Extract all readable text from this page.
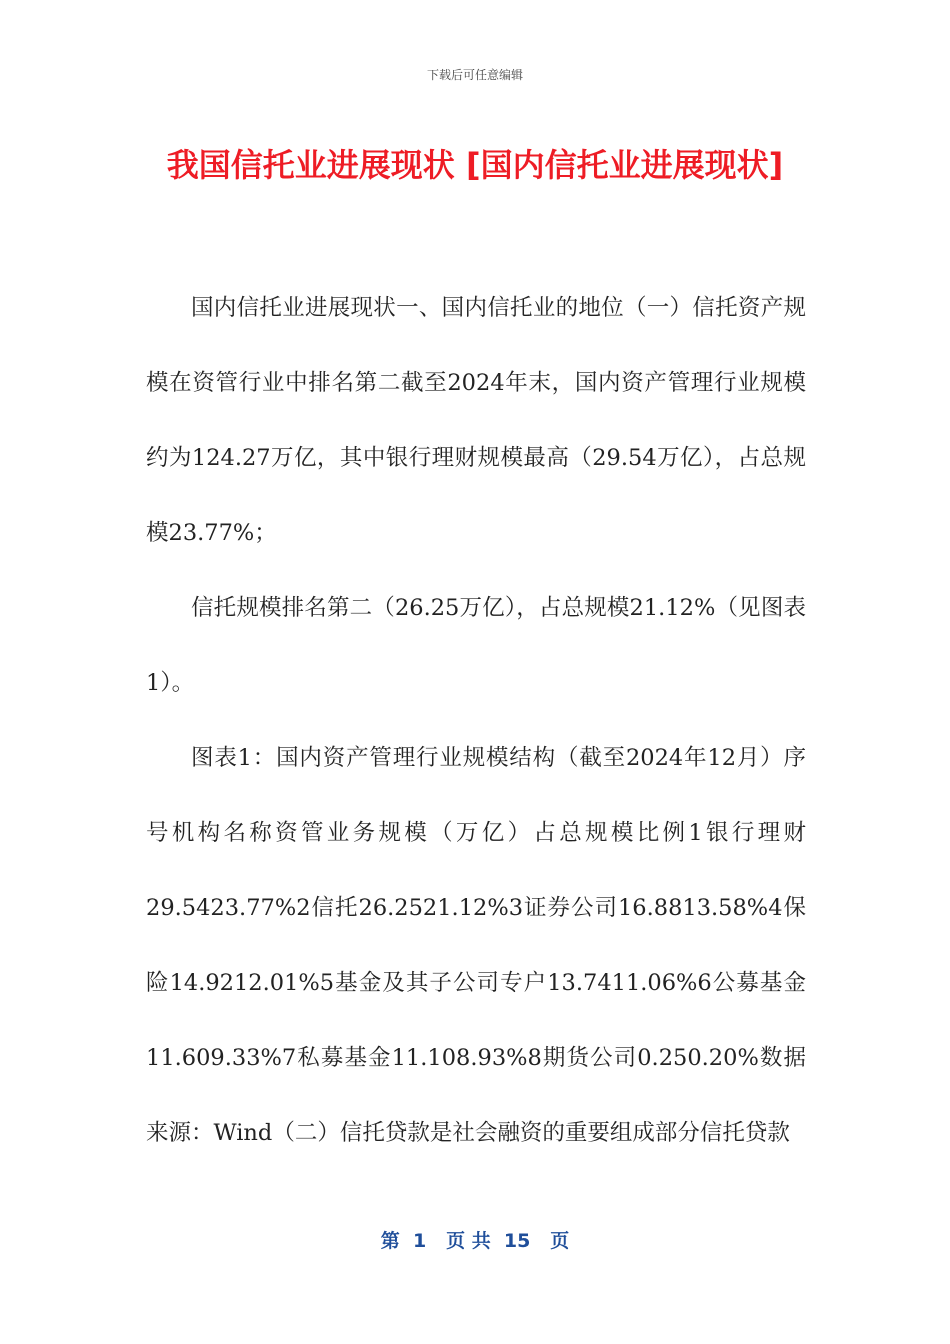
下载后可任意编辑
我国信托业进展现状 [国内信托业进展现状]

国内信托业进展现状一、国内信托业的地位（一）信托资产规模在资管行业中排名第二截至2024年末，国内资产管理行业规模约为124.27万亿，其中银行理财规模最高（29.54万亿），占总规模23.77%；

信托规模排名第二（26.25万亿），占总规模21.12%（见图表1）。

图表1：国内资产管理行业规模结构（截至2024年12月）序号机构名称资管业务规模（万亿）占总规模比例1银行理财29.5423.77%2信托26.2521.12%3证券公司16.8813.58%4保险14.9212.01%5基金及其子公司专户13.7411.06%6公募基金11.609.33%7私募基金11.108.93%8期货公司0.250.20%数据来源：Wind（二）信托贷款是社会融资的重要组成部分信托贷款

第  1   页 共  15   页
